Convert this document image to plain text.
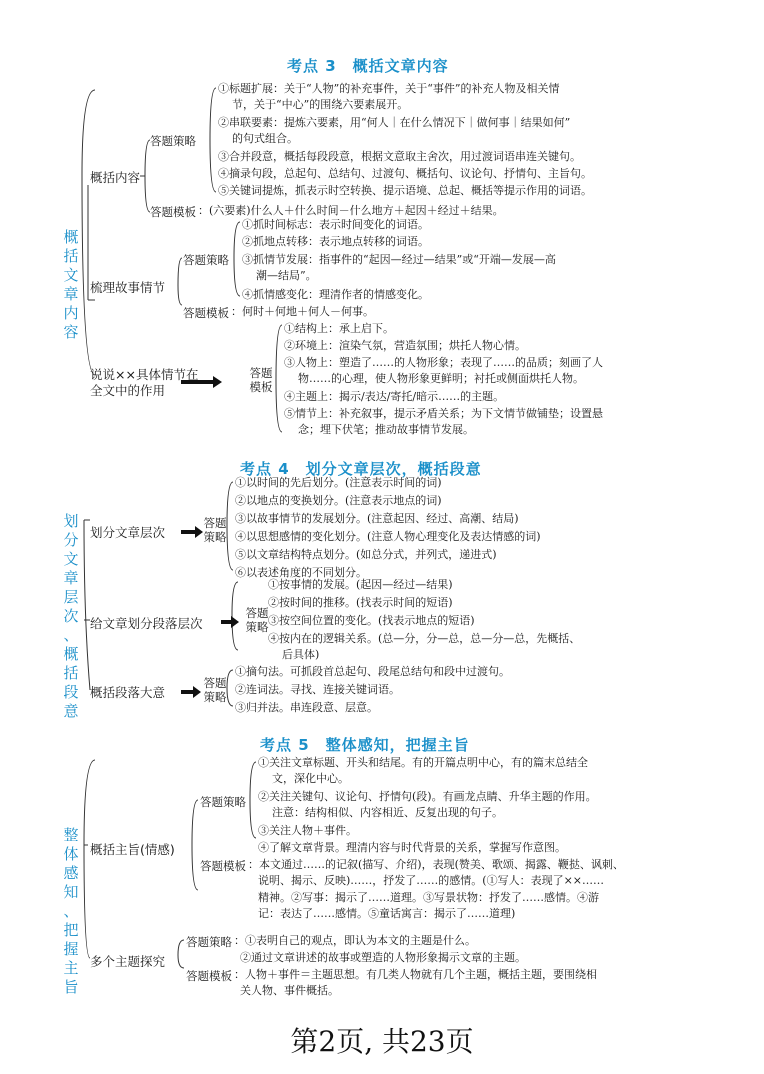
考点 3　概括文章内容
概
括
文
章
内
容
概括内容
答题策略
①标题扩展：关于“人物”的补充事件，关于“事件”的补充人物及相关情
节，关于“中心”的围绕六要素展开。
②串联要素：提炼六要素，用“何人｜在什么情况下｜做何事｜结果如何”
的句式组合。
③合并段意，概括每段段意，根据文意取主舍次，用过渡词语串连关键句。
④摘录句段，总起句、总结句、过渡句、概括句、议论句、抒情句、主旨句。
⑤关键词提炼，抓表示时空转换、提示语境、总起、概括等提示作用的词语。
答题模板 ：(六要素)什么人＋什么时间－什么地方＋起因＋经过＋结果。
梳理故事情节
答题策略
①抓时间标志：表示时间变化的词语。
②抓地点转移：表示地点转移的词语。
③抓情节发展：指事件的“起因—经过—结果”或“开端—发展—高
潮—结局”。
④抓情感变化：理清作者的情感变化。
答题模板 ：何时＋何地＋何人－何事。
说说××具体情节在
全文中的作用
答题模板
①结构上：承上启下。
②环境上：渲染气氛，营造氛围；烘托人物心情。
③人物上：塑造了……的人物形象；表现了……的品质；刻画了人
物……的心理，使人物形象更鲜明；衬托或侧面烘托人物。
④主题上：揭示/表达/寄托/暗示……的主题。
⑤情节上：补充叙事，提示矛盾关系；为下文情节做铺垫；设置悬
念；埋下伏笔；推动故事情节发展。
考点 4　划分文章层次，概括段意
划
分
文
章
层
次
、
概
括
段
意
划分文章层次
答题策略
①以时间的先后划分。(注意表示时间的词)
②以地点的变换划分。(注意表示地点的词)
③以故事情节的发展划分。(注意起因、经过、高潮、结局)
④以思想感情的变化划分。(注意人物心理变化及表达情感的词)
⑤以文章结构特点划分。(如总分式，并列式，递进式)
⑥以表述角度的不同划分。
给文章划分段落层次
答题策略
①按事情的发展。(起因—经过—结果)
②按时间的推移。(找表示时间的短语)
③按空间位置的变化。(找表示地点的短语)
④按内在的逻辑关系。(总—分，分—总，总—分—总，先概括、
后具体)
概括段落大意
答题策略
①摘句法。可抓段首总起句、段尾总结句和段中过渡句。
②连词法。寻找、连接关键词语。
③归并法。串连段意、层意。
考点 5　整体感知，把握主旨
整
体
感
知
、
把
握
主
旨
概括主旨(情感)
答题策略
①关注文章标题、开头和结尾。有的开篇点明中心，有的篇末总结全
文，深化中心。
②关注关键句、议论句、抒情句(段)。有画龙点睛、升华主题的作用。
注意：结构相似、内容相近、反复出现的句子。
③关注人物＋事件。
④了解文章背景。理清内容与时代背景的关系，掌握写作意图。
答题模板 ：本文通过……的记叙(描写、介绍)，表现(赞美、歌颂、揭露、鞭挞、讽刺、
说明、揭示、反映)……，抒发了……的感情。(①写人：表现了××……
精神。②写事：揭示了……道理。③写景状物：抒发了……感情。④游
记：表达了……感情。⑤童话寓言：揭示了……道理)
多个主题探究
答题策略 ：①表明自己的观点，即认为本文的主题是什么。
②通过文章讲述的故事或塑造的人物形象揭示文章的主题。
答题模板 ：人物＋事件＝主题思想。有几类人物就有几个主题，概括主题，要围绕相
关人物、事件概括。
第2页, 共23页
